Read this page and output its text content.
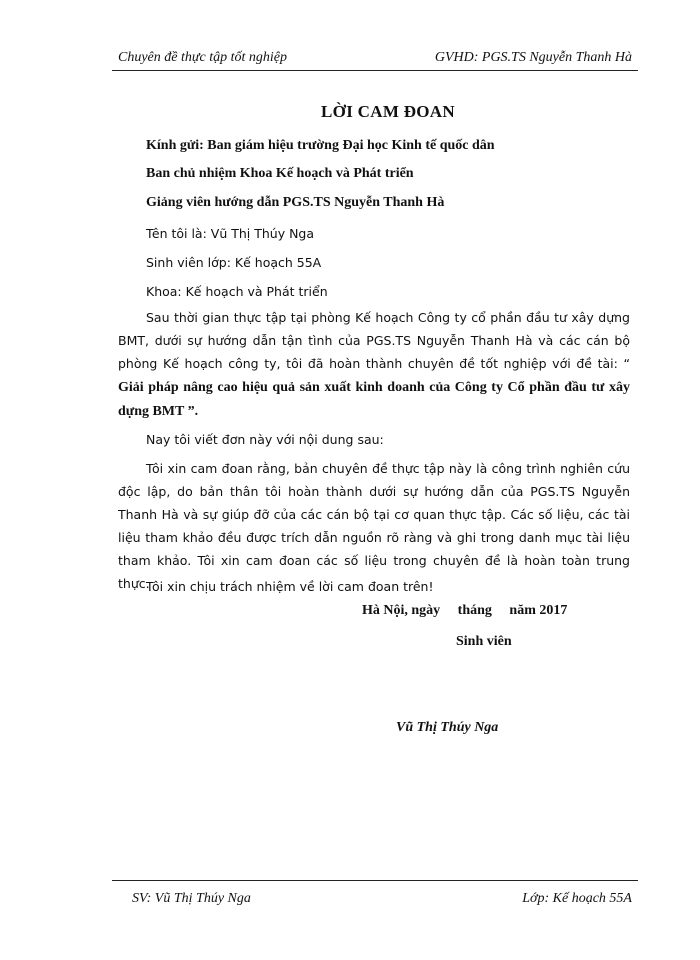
Chuyên đề thực tập tốt nghiệp	GVHD: PGS.TS Nguyễn Thanh Hà
LỜI CAM ĐOAN
Kính gửi: Ban giám hiệu trường Đại học Kinh tế quốc dân
Ban chủ nhiệm Khoa Kế hoạch và Phát triển
Giảng viên hướng dẫn PGS.TS Nguyễn Thanh Hà
Tên tôi là: Vũ Thị Thúy Nga
Sinh viên lớp: Kế hoạch 55A
Khoa: Kế hoạch và Phát triển
Sau thời gian thực tập tại phòng Kế hoạch Công ty cổ phần đầu tư xây dựng BMT, dưới sự hướng dẫn tận tình của PGS.TS Nguyễn Thanh Hà và các cán bộ phòng Kế hoạch công ty, tôi đã hoàn thành chuyên đề tốt nghiệp với đề tài: “ Giải pháp nâng cao hiệu quả sản xuất kinh doanh của Công ty Cổ phần đầu tư xây dựng BMT ”.
Nay tôi viết đơn này với nội dung sau:
Tôi xin cam đoan rằng, bản chuyên đề thực tập này là công trình nghiên cứu độc lập, do bản thân tôi hoàn thành dưới sự hướng dẫn của PGS.TS Nguyễn Thanh Hà và sự giúp đỡ của các cán bộ tại cơ quan thực tập. Các số liệu, các tài liệu tham khảo đều được trích dẫn nguồn rõ ràng và ghi trong danh mục tài liệu tham khảo. Tôi xin cam đoan các số liệu trong chuyên đề là hoàn toàn trung thực.
Tôi xin chịu trách nhiệm về lời cam đoan trên!
Hà Nội, ngày     tháng     năm 2017
Sinh viên
Vũ Thị Thúy Nga
SV: Vũ Thị Thúy Nga	Lớp: Kế hoạch 55A
